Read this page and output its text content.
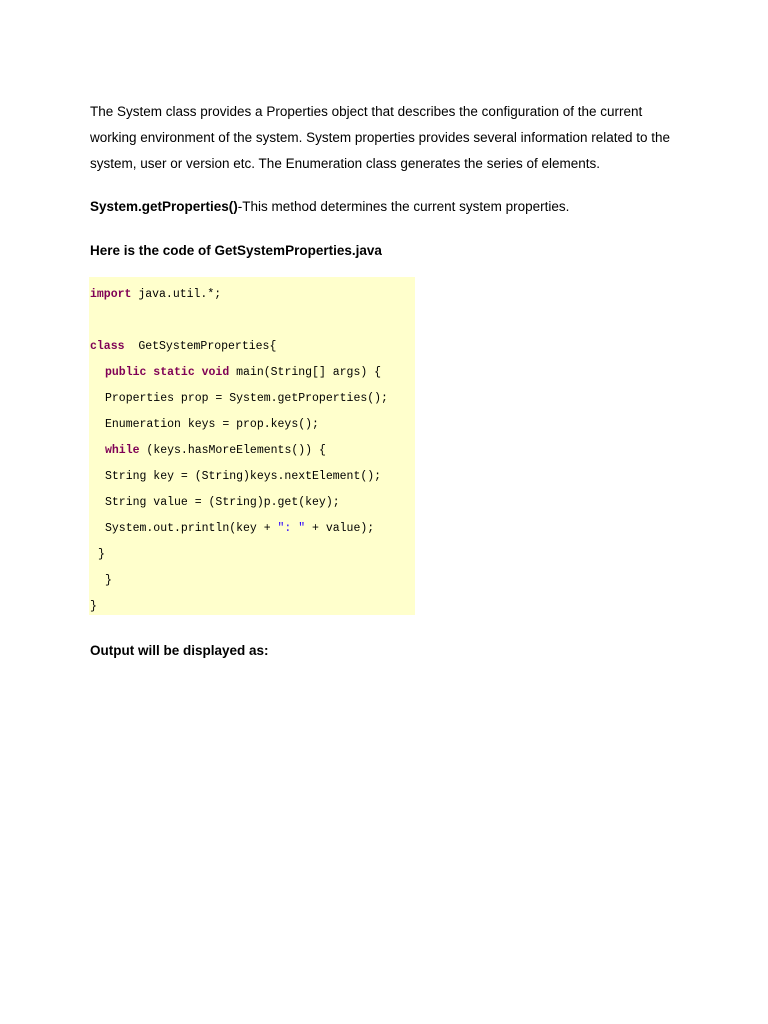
The System class provides a Properties object that describes the configuration of the current working environment of the system. System properties provides several information related to the system, user or version etc. The Enumeration class generates the series of elements.

System.getProperties()-This method determines the current system properties.

Here is the code of GetSystemProperties.java

import java.util.*;
class  GetSystemProperties{
public static void main(String[] args) {
Properties prop = System.getProperties();
Enumeration keys = prop.keys();
while (keys.hasMoreElements()) {
String key = (String)keys.nextElement();
String value = (String)p.get(key);
System.out.println(key + ": " + value);
}
}
}

Output will be displayed as:
